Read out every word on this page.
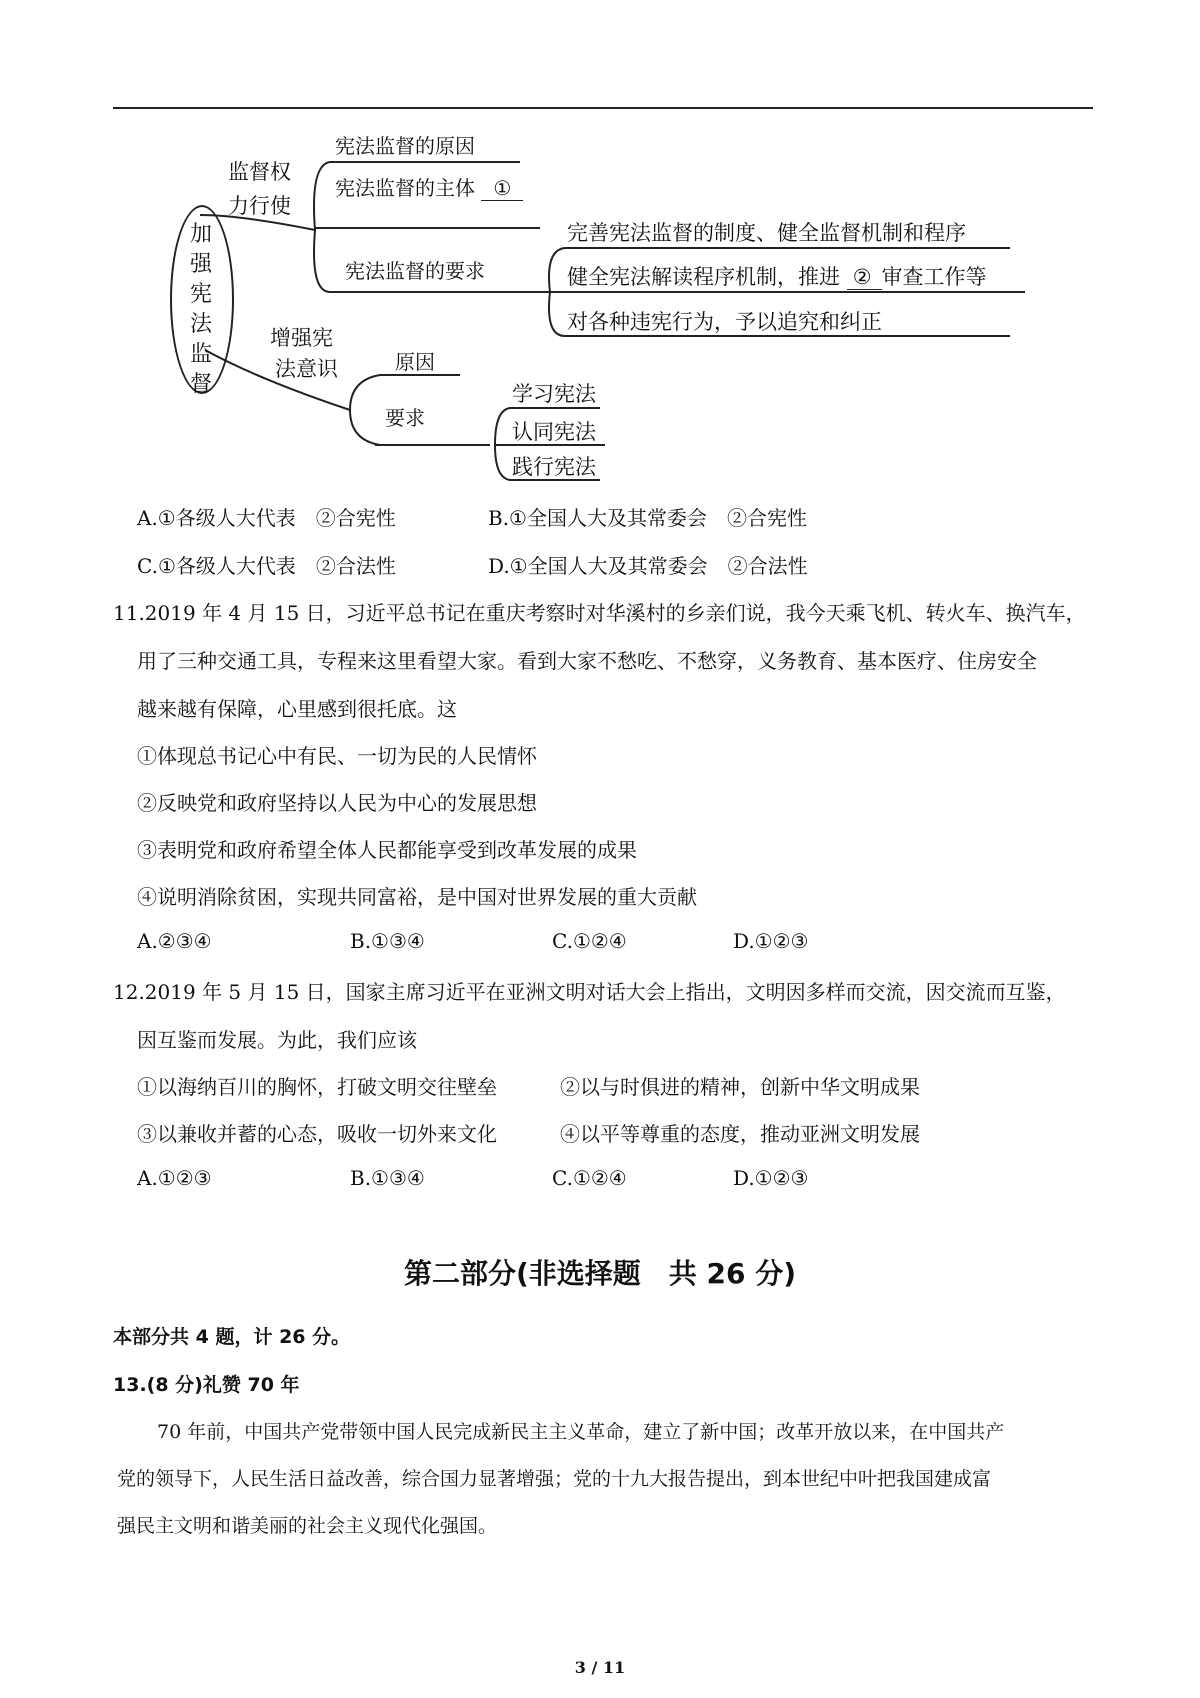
加
强
宪
法
监
督
监督权
力行使
宪法监督的原因
宪法监督的主体 ①
宪法监督的要求
完善宪法监督的制度、健全监督机制和程序
健全宪法解读程序机制，推进 ② 审查工作等
对各种违宪行为，予以追究和纠正
增强宪
法意识	原因
要求
学习宪法
认同宪法
践行宪法
A.①各级人大代表　②合宪性	B.①全国人大及其常委会　②合宪性
C.①各级人大代表　②合法性	D.①全国人大及其常委会　②合法性
11.2019 年 4 月 15 日，习近平总书记在重庆考察时对华溪村的乡亲们说，我今天乘飞机、转火车、换汽车，
用了三种交通工具，专程来这里看望大家。看到大家不愁吃、不愁穿，义务教育、基本医疗、住房安全
越来越有保障，心里感到很托底。这
①体现总书记心中有民、一切为民的人民情怀
②反映党和政府坚持以人民为中心的发展思想
③表明党和政府希望全体人民都能享受到改革发展的成果
④说明消除贫困，实现共同富裕，是中国对世界发展的重大贡献
A.②③④	B.①③④	C.①②④	D.①②③
12.2019 年 5 月 15 日，国家主席习近平在亚洲文明对话大会上指出，文明因多样而交流，因交流而互鉴，
因互鉴而发展。为此，我们应该
①以海纳百川的胸怀，打破文明交往壁垒	②以与时俱进的精神，创新中华文明成果
③以兼收并蓄的心态，吸收一切外来文化	④以平等尊重的态度，推动亚洲文明发展
A.①②③	B.①③④	C.①②④	D.①②③
第二部分(非选择题　共 26 分)
本部分共 4 题，计 26 分。
13.(8 分)礼赞 70 年
70 年前，中国共产党带领中国人民完成新民主主义革命，建立了新中国；改革开放以来，在中国共产
党的领导下，人民生活日益改善，综合国力显著增强；党的十九大报告提出，到本世纪中叶把我国建成富
强民主文明和谐美丽的社会主义现代化强国。
3 / 11
